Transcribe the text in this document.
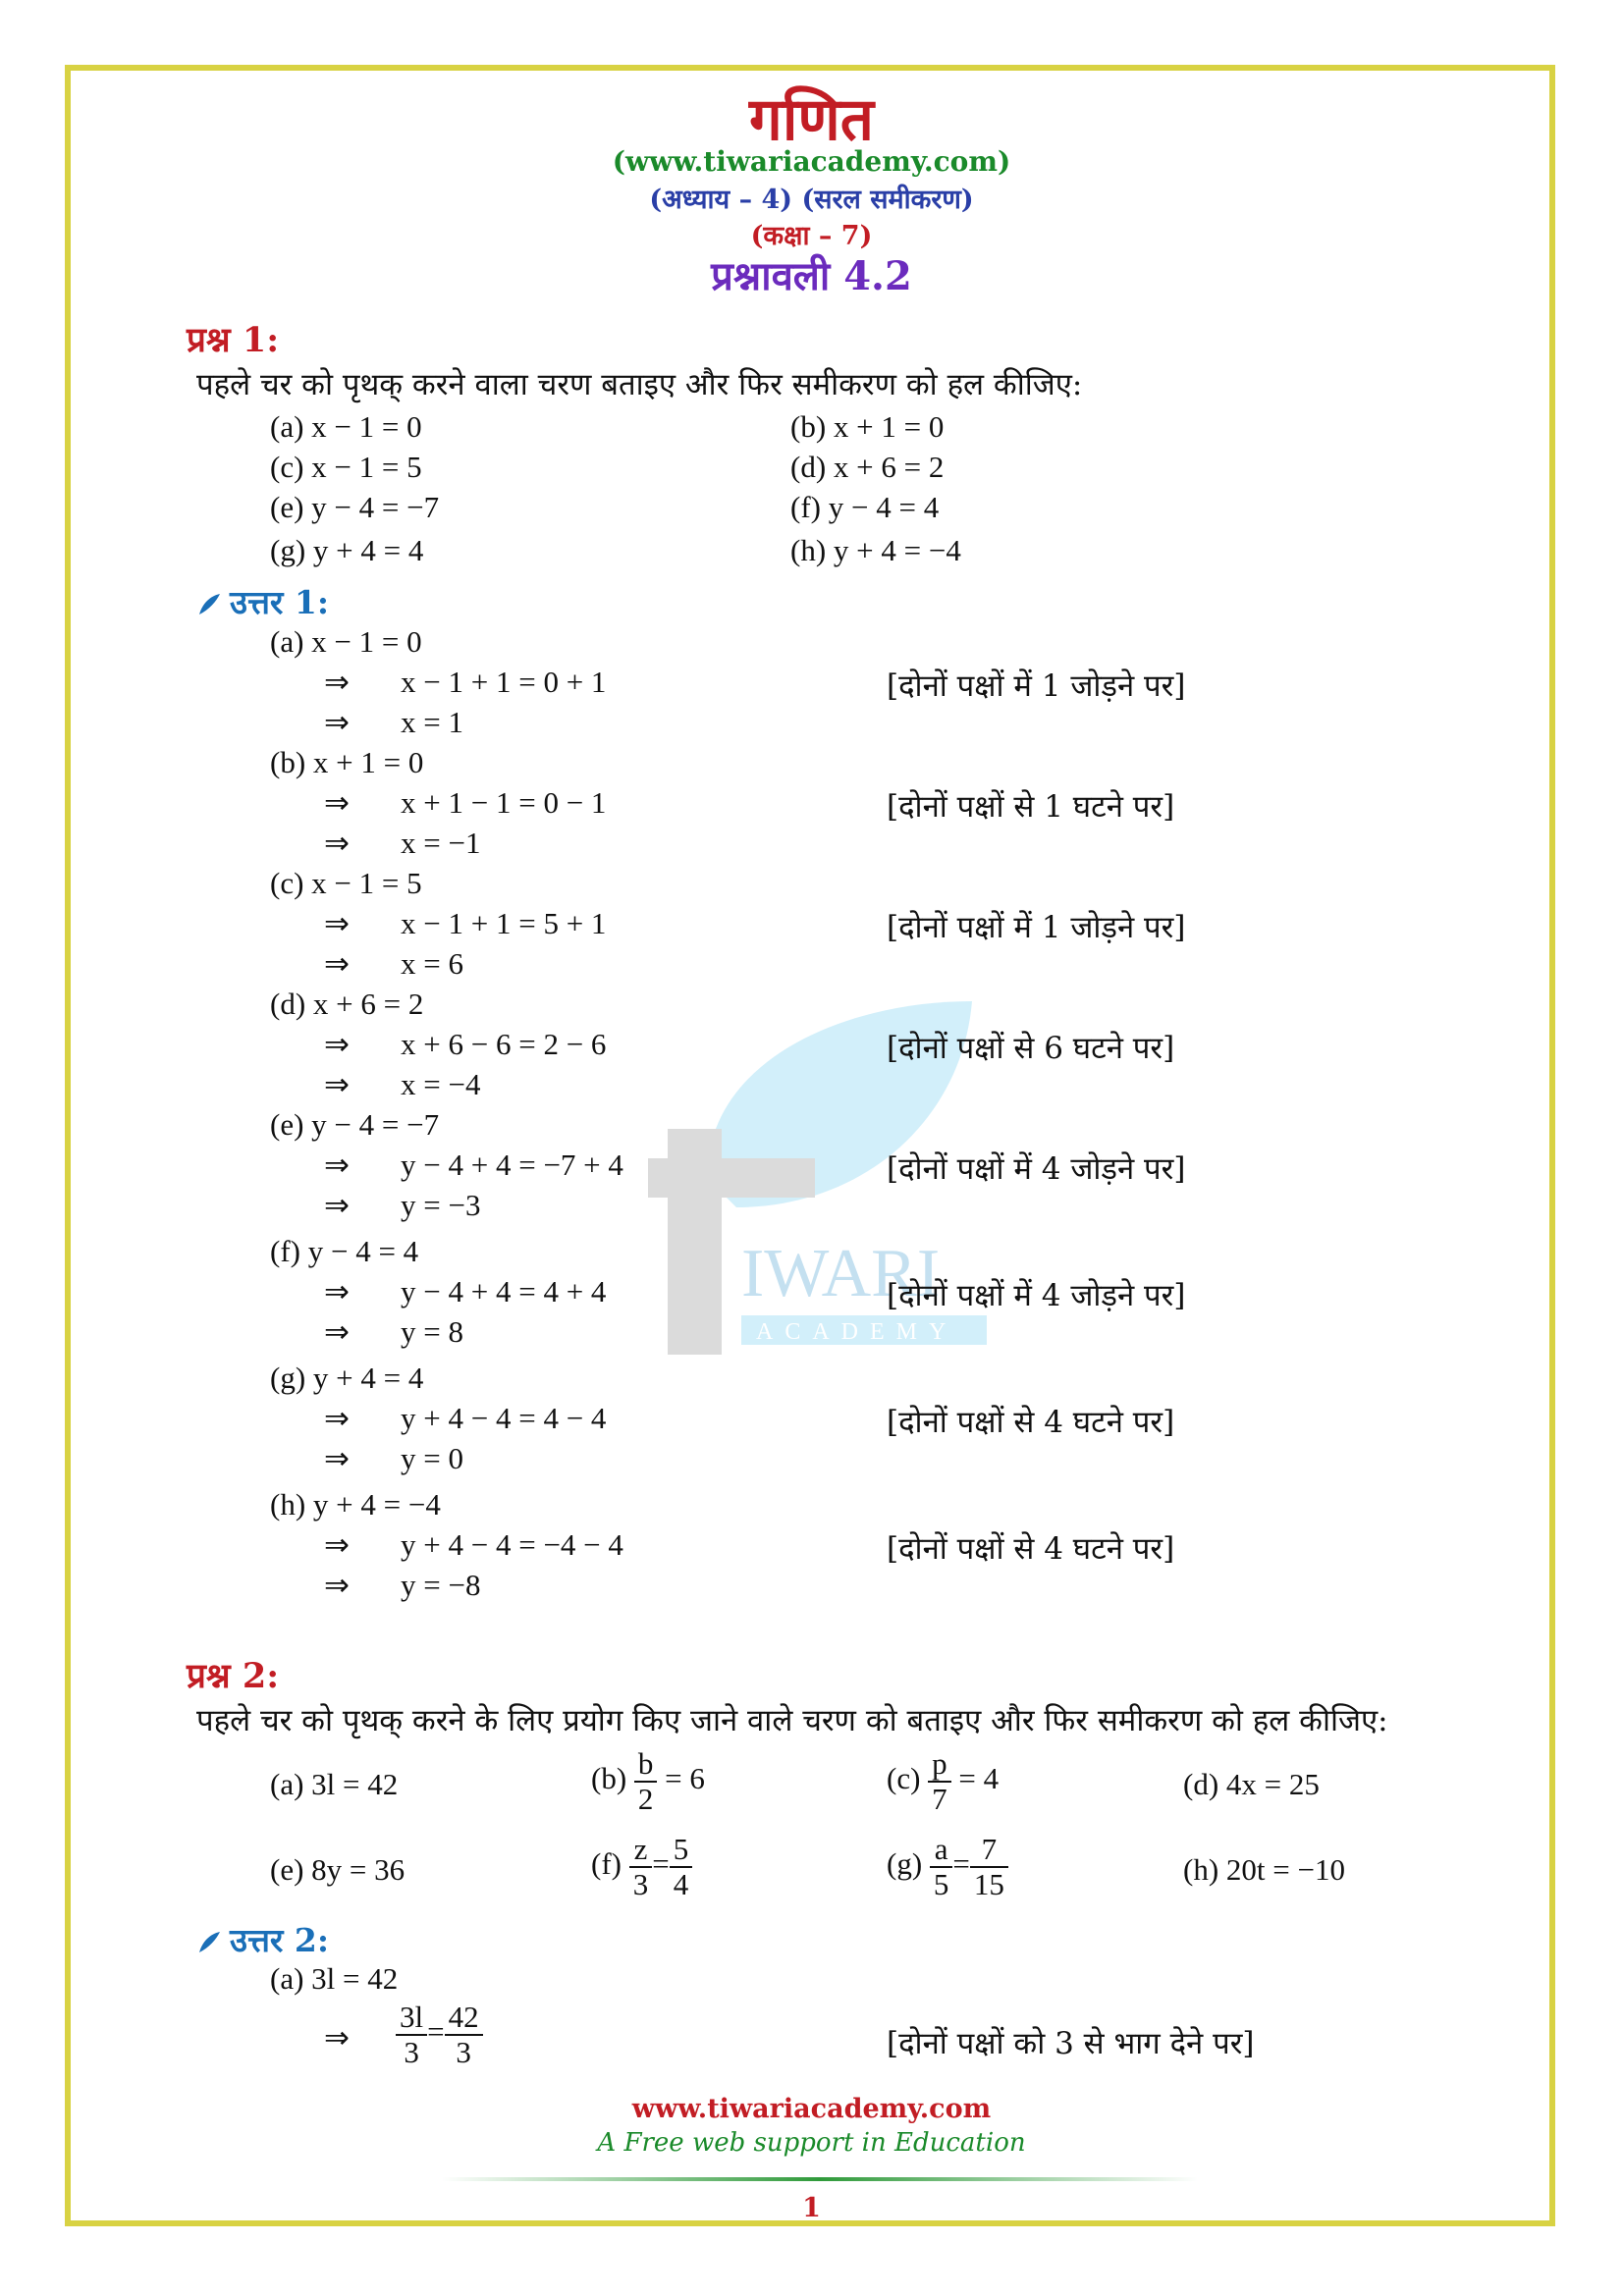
IWARI
ACADEMY
गणित
(www.tiwariacademy.com)
(अध्याय – 4) (सरल समीकरण)
(कक्षा – 7)
प्रश्नावली 4.2
प्रश्न 1:
पहले चर को पृथक् करने वाला चरण बताइए और फिर समीकरण को हल कीजिए:
(a) x − 1 = 0	(b) x + 1 = 0
(c) x − 1 = 5	(d) x + 6 = 2
(e) y − 4 = −7	(f) y − 4 = 4
(g) y + 4 = 4	(h) y + 4 = −4
उत्तर 1:
(a) x − 1 = 0
⇒ x − 1 + 1 = 0 + 1	[दोनों पक्षों में 1 जोड़ने पर]
⇒ x = 1
(b) x + 1 = 0
⇒ x + 1 − 1 = 0 − 1	[दोनों पक्षों से 1 घटने पर]
⇒ x = −1
(c) x − 1 = 5
⇒ x − 1 + 1 = 5 + 1	[दोनों पक्षों में 1 जोड़ने पर]
⇒ x = 6
(d) x + 6 = 2
⇒ x + 6 − 6 = 2 − 6	[दोनों पक्षों से 6 घटने पर]
⇒ x = −4
(e) y − 4 = −7
⇒ y − 4 + 4 = −7 + 4	[दोनों पक्षों में 4 जोड़ने पर]
⇒ y = −3
(f) y − 4 = 4
⇒ y − 4 + 4 = 4 + 4	[दोनों पक्षों में 4 जोड़ने पर]
⇒ y = 8
(g) y + 4 = 4
⇒ y + 4 − 4 = 4 − 4	[दोनों पक्षों से 4 घटने पर]
⇒ y = 0
(h) y + 4 = −4
⇒ y + 4 − 4 = −4 − 4	[दोनों पक्षों से 4 घटने पर]
⇒ y = −8
प्रश्न 2:
पहले चर को पृथक् करने के लिए प्रयोग किए जाने वाले चरण को बताइए और फिर समीकरण को हल कीजिए:
(a) 3l = 42	$(b) \frac{b}{2} = 6$	$(c) \frac{p}{7} = 4$	(d) 4x = 25
(e) 8y = 36	$(f) \frac{z}{3} = \frac{5}{4}$	$(g) \frac{a}{5} = \frac{7}{15}$	(h) 20t = −10
उत्तर 2:
(a) 3l = 42
⇒ $\frac{3l}{3} = \frac{42}{3}$	[दोनों पक्षों को 3 से भाग देने पर]
www.tiwariacademy.com
A Free web support in Education
1
